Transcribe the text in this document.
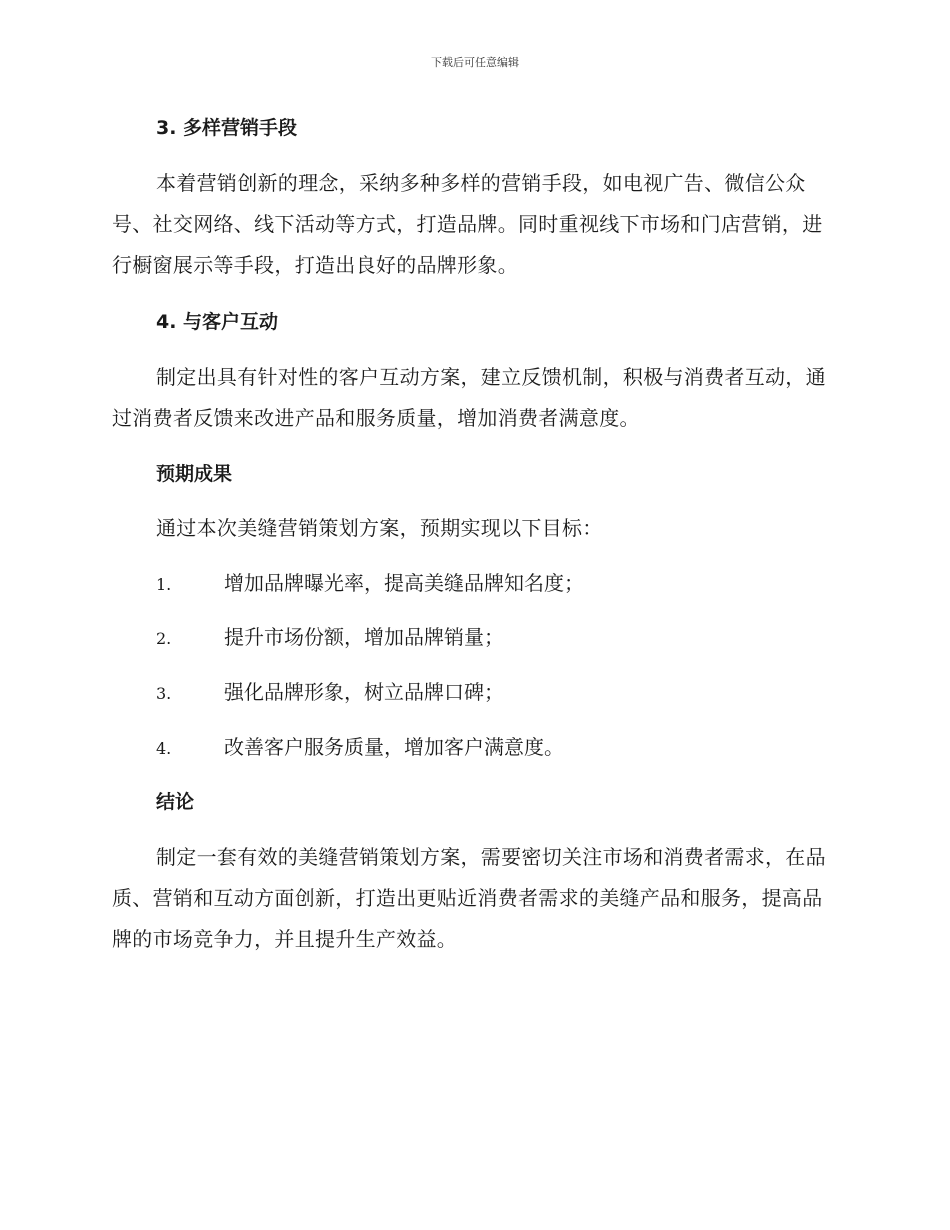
下载后可任意编辑
3. 多样营销手段
本着营销创新的理念，采纳多种多样的营销手段，如电视广告、微信公众号、社交网络、线下活动等方式，打造品牌。同时重视线下市场和门店营销，进行橱窗展示等手段，打造出良好的品牌形象。
4. 与客户互动
制定出具有针对性的客户互动方案，建立反馈机制，积极与消费者互动，通过消费者反馈来改进产品和服务质量，增加消费者满意度。
预期成果
通过本次美缝营销策划方案，预期实现以下目标：
1.	增加品牌曝光率，提高美缝品牌知名度；
2.	提升市场份额，增加品牌销量；
3.	强化品牌形象，树立品牌口碑；
4.	改善客户服务质量，增加客户满意度。
结论
制定一套有效的美缝营销策划方案，需要密切关注市场和消费者需求，在品质、营销和互动方面创新，打造出更贴近消费者需求的美缝产品和服务，提高品牌的市场竞争力，并且提升生产效益。
